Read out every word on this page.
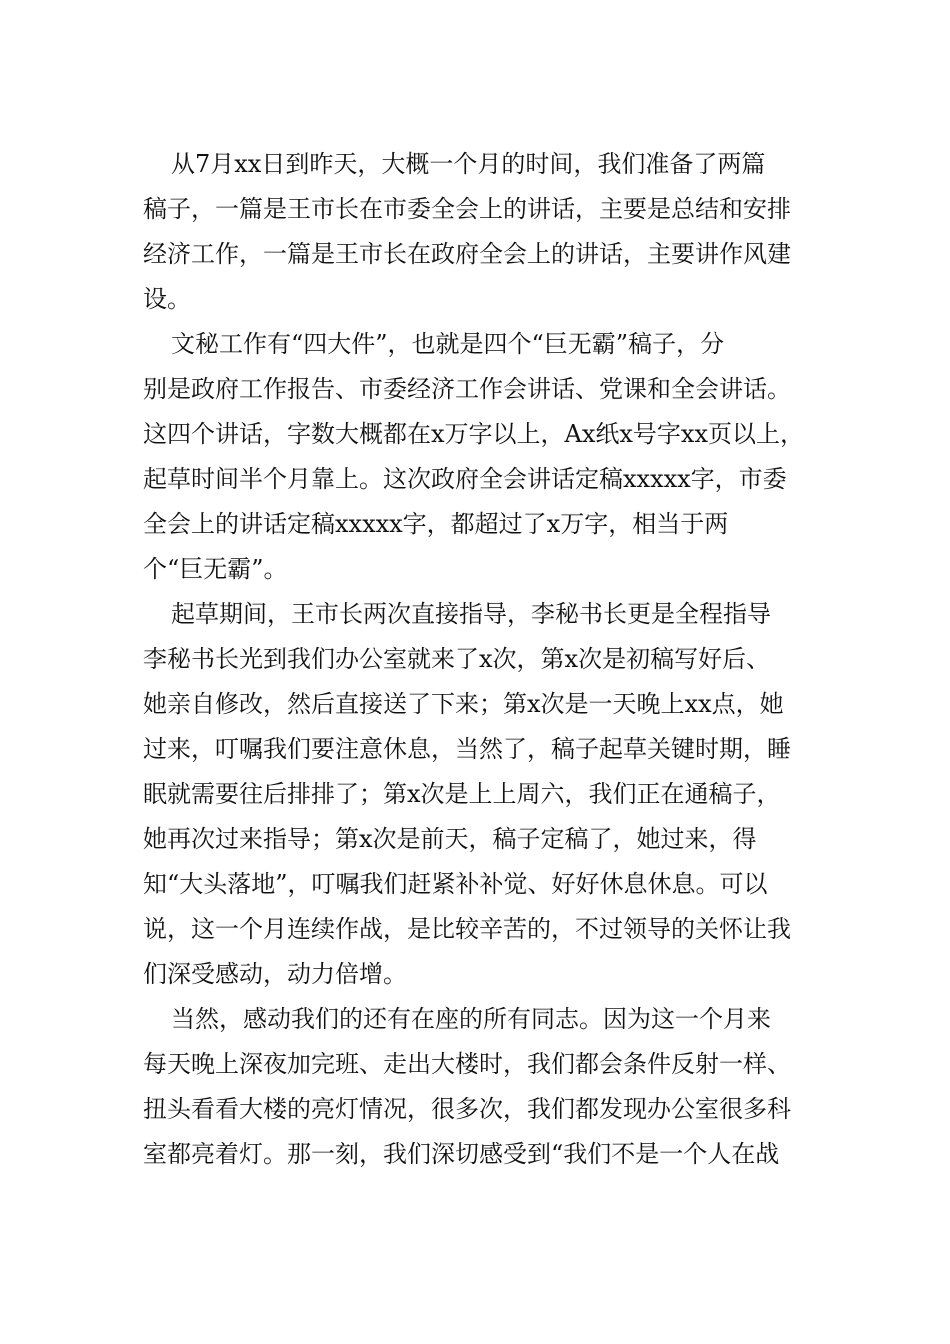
从7月xx日到昨天，大概一个月的时间，我们准备了两篇
稿子，一篇是王市长在市委全会上的讲话，主要是总结和安排
经济工作，一篇是王市长在政府全会上的讲话，主要讲作风建
设。
文秘工作有“四大件”，也就是四个“巨无霸”稿子，分
别是政府工作报告、市委经济工作会讲话、党课和全会讲话。
这四个讲话，字数大概都在x万字以上，Ax纸x号字xx页以上，
起草时间半个月靠上。这次政府全会讲话定稿xxxxx字，市委
全会上的讲话定稿xxxxx字，都超过了x万字，相当于两
个“巨无霸”。
起草期间，王市长两次直接指导，李秘书长更是全程指导
李秘书长光到我们办公室就来了x次，第x次是初稿写好后、
她亲自修改，然后直接送了下来；第x次是一天晚上xx点，她
过来，叮嘱我们要注意休息，当然了，稿子起草关键时期，睡
眠就需要往后排排了；第x次是上上周六，我们正在通稿子，
她再次过来指导；第x次是前天，稿子定稿了，她过来，得
知“大头落地”，叮嘱我们赶紧补补觉、好好休息休息。可以
说，这一个月连续作战，是比较辛苦的，不过领导的关怀让我
们深受感动，动力倍增。
当然，感动我们的还有在座的所有同志。因为这一个月来
每天晚上深夜加完班、走出大楼时，我们都会条件反射一样、
扭头看看大楼的亮灯情况，很多次，我们都发现办公室很多科
室都亮着灯。那一刻，我们深切感受到“我们不是一个人在战
